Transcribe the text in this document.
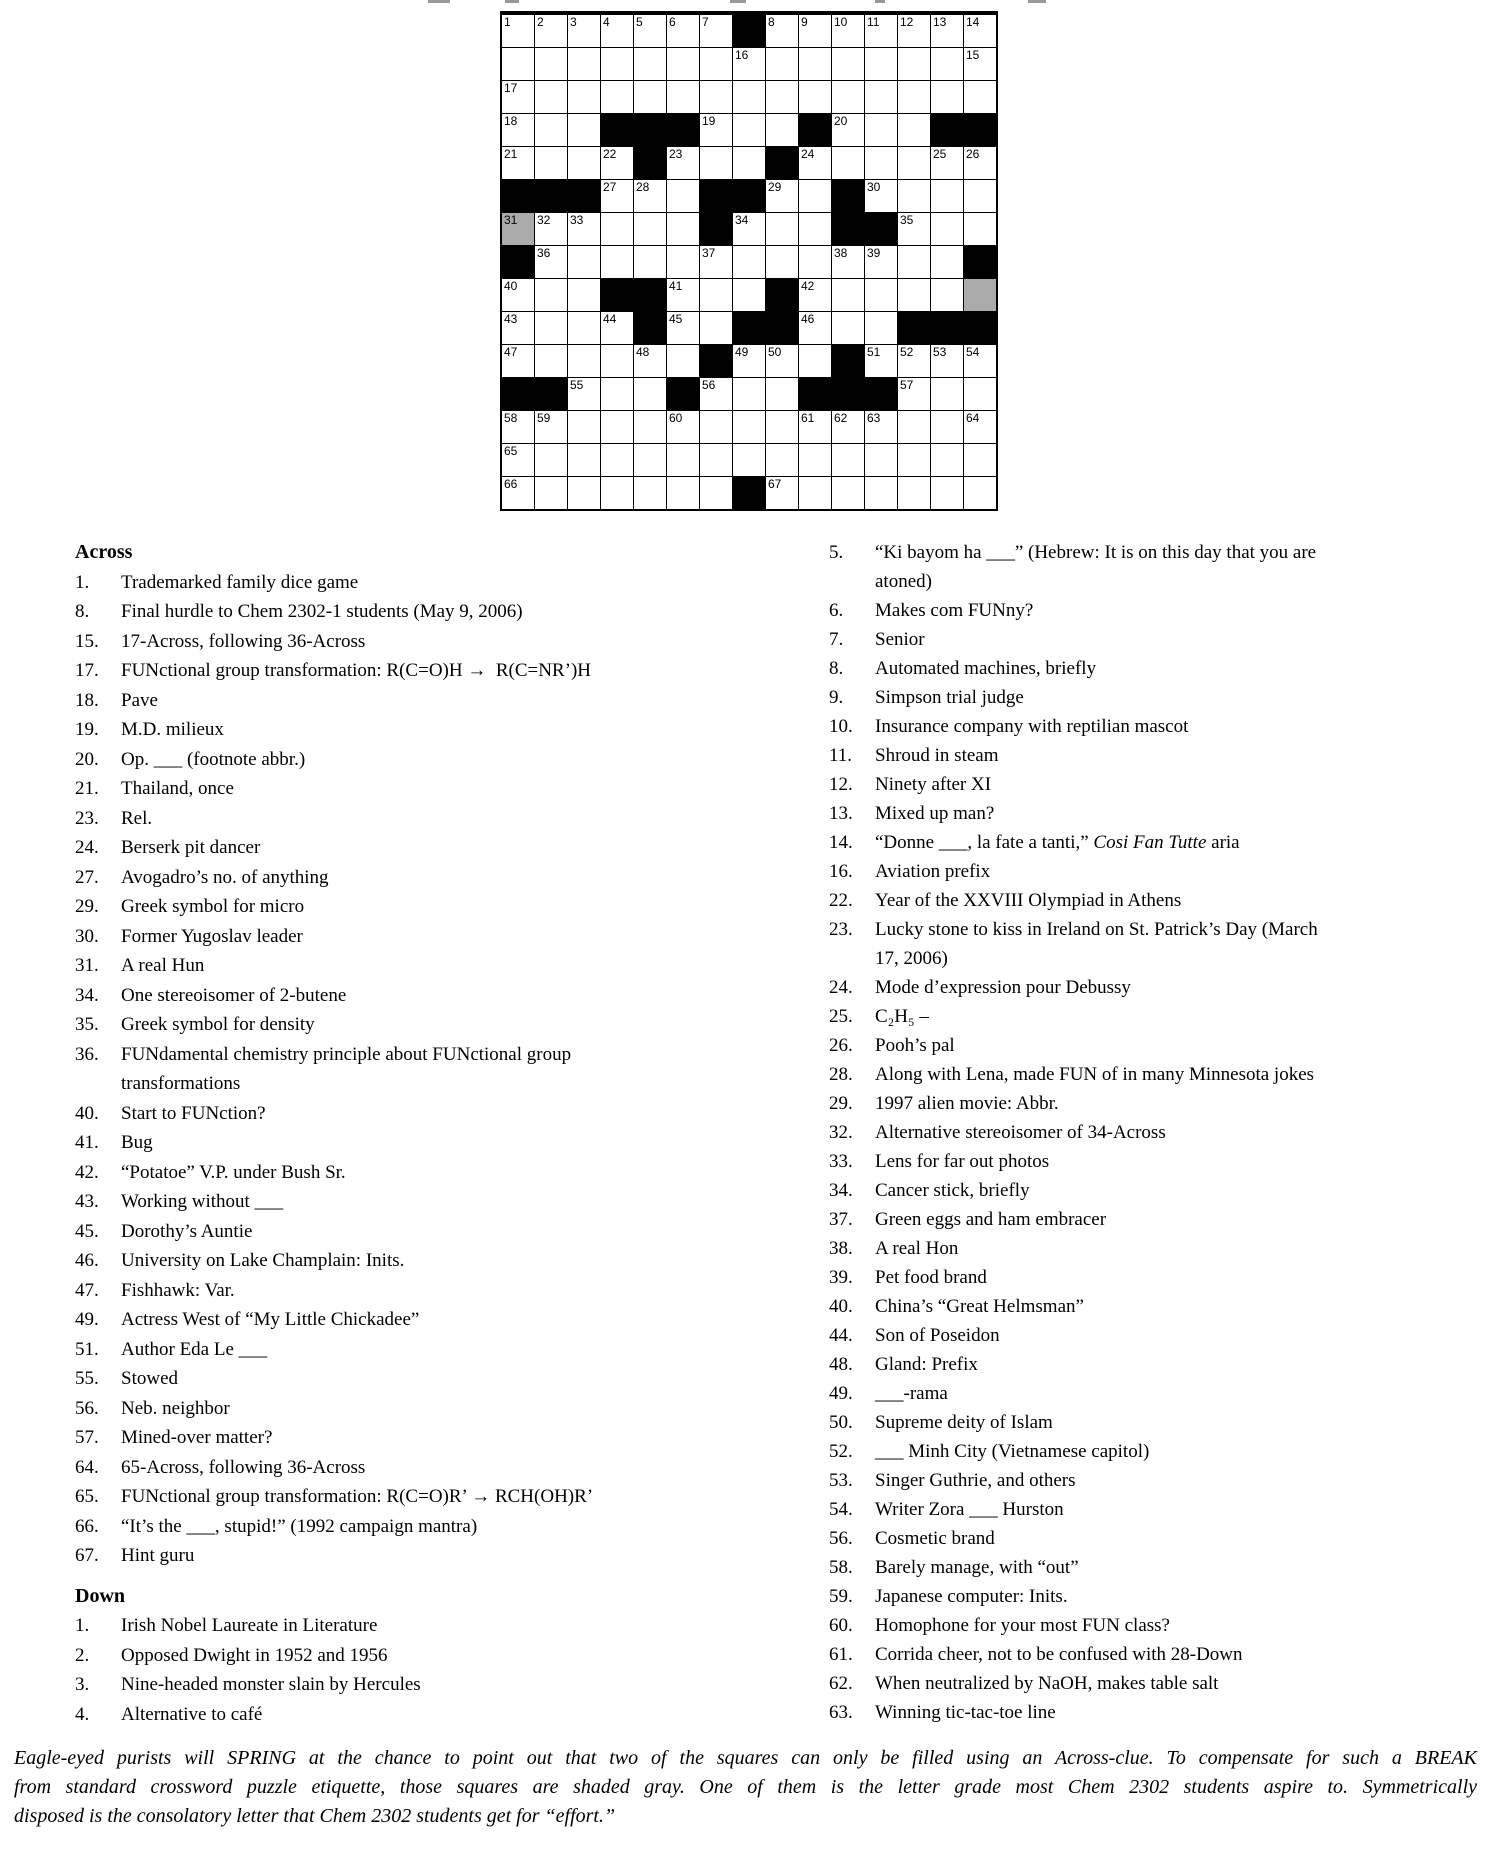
1 2 3 4 5 6 7	8 9 10 11 12 13 14
16	15
17
18	19	20
21	22	23	24	25 26
27 28	29	30
31 32 33	34	35
36	37	38 39
40	41	42
43	44	45	46
47	48	49 50	51 52 53 54
55	56	57
58 59	60	61 62 63	64
65
66	67
Across
1. Trademarked family dice game
8. Final hurdle to Chem 2302-1 students (May 9, 2006)
15. 17-Across, following 36-Across
17. FUNctional group transformation: R(C=O)H →  R(C=NR’)H
18. Pave
19. M.D. milieux
20. Op. ___ (footnote abbr.)
21. Thailand, once
23. Rel.
24. Berserk pit dancer
27. Avogadro’s no. of anything
29. Greek symbol for micro
30. Former Yugoslav leader
31. A real Hun
34. One stereoisomer of 2-butene
35. Greek symbol for density
36. FUNdamental chemistry principle about FUNctional group
transformations
40. Start to FUNction?
41. Bug
42. “Potatoe” V.P. under Bush Sr.
43. Working without ___
45. Dorothy’s Auntie
46. University on Lake Champlain: Inits.
47. Fishhawk: Var.
49. Actress West of “My Little Chickadee”
51. Author Eda Le ___
55. Stowed
56. Neb. neighbor
57. Mined-over matter?
64. 65-Across, following 36-Across
65. FUNctional group transformation: R(C=O)R’ → RCH(OH)R’
66. “It’s the ___, stupid!” (1992 campaign mantra)
67. Hint guru
Down
1. Irish Nobel Laureate in Literature
2. Opposed Dwight in 1952 and 1956
3. Nine-headed monster slain by Hercules
4. Alternative to café
5. “Ki bayom ha ___” (Hebrew: It is on this day that you are
atoned)
6. Makes com FUNny?
7. Senior
8. Automated machines, briefly
9. Simpson trial judge
10. Insurance company with reptilian mascot
11. Shroud in steam
12. Ninety after XI
13. Mixed up man?
14. “Donne ___, la fate a tanti,” Cosi Fan Tutte aria
16. Aviation prefix
22. Year of the XXVIII Olympiad in Athens
23. Lucky stone to kiss in Ireland on St. Patrick’s Day (March
17, 2006)
24. Mode d’expression pour Debussy
25. C₂H₅ –
26. Pooh’s pal
28. Along with Lena, made FUN of in many Minnesota jokes
29. 1997 alien movie: Abbr.
32. Alternative stereoisomer of 34-Across
33. Lens for far out photos
34. Cancer stick, briefly
37. Green eggs and ham embracer
38. A real Hon
39. Pet food brand
40. China’s “Great Helmsman”
44. Son of Poseidon
48. Gland: Prefix
49. ___-rama
50. Supreme deity of Islam
52. ___ Minh City (Vietnamese capitol)
53. Singer Guthrie, and others
54. Writer Zora ___ Hurston
56. Cosmetic brand
58. Barely manage, with “out”
59. Japanese computer: Inits.
60. Homophone for your most FUN class?
61. Corrida cheer, not to be confused with 28-Down
62. When neutralized by NaOH, makes table salt
63. Winning tic-tac-toe line
Eagle-eyed purists will SPRING at the chance to point out that two of the squares can only be filled using an Across-clue. To compensate for such a BREAK
from standard crossword puzzle etiquette, those squares are shaded gray. One of them is the letter grade most Chem 2302 students aspire to. Symmetrically
disposed is the consolatory letter that Chem 2302 students get for “effort.”
